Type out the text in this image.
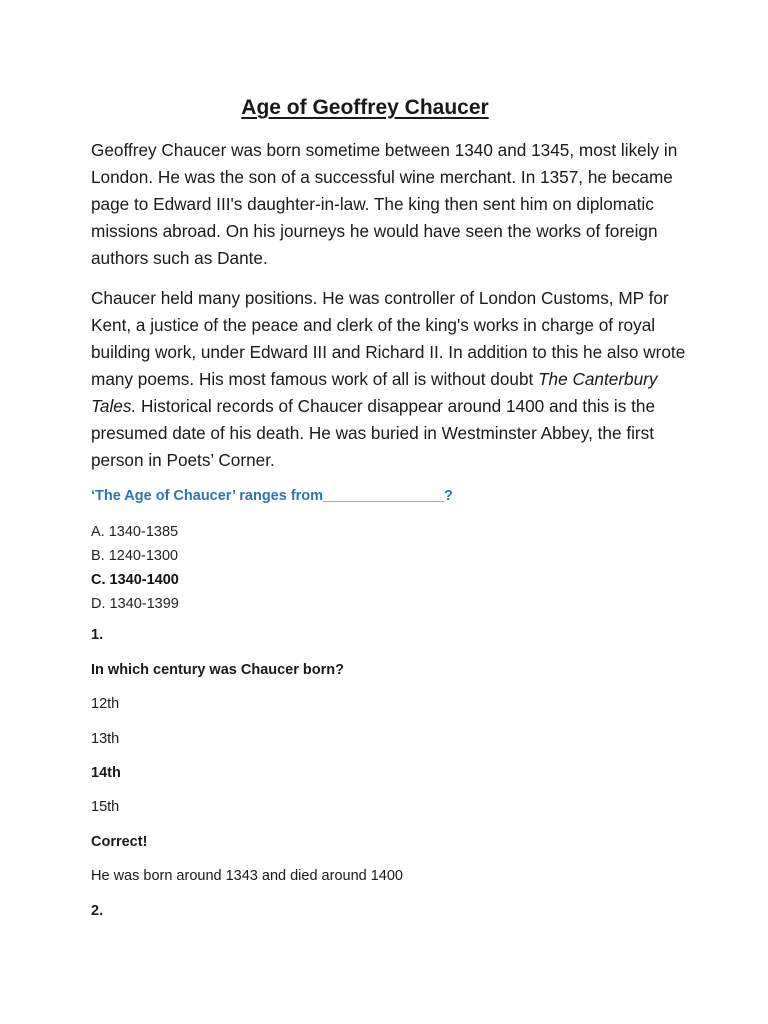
Age of Geoffrey Chaucer

Geoffrey Chaucer was born sometime between 1340 and 1345, most likely in London. He was the son of a successful wine merchant. In 1357, he became page to Edward III's daughter-in-law. The king then sent him on diplomatic missions abroad. On his journeys he would have seen the works of foreign authors such as Dante.

Chaucer held many positions. He was controller of London Customs, MP for Kent, a justice of the peace and clerk of the king's works in charge of royal building work, under Edward III and Richard II. In addition to this he also wrote many poems. His most famous work of all is without doubt The Canterbury Tales. Historical records of Chaucer disappear around 1400 and this is the presumed date of his death. He was buried in Westminster Abbey, the first person in Poets’ Corner.

‘The Age of Chaucer’ ranges from_______________?

A. 1340-1385
B. 1240-1300
C. 1340-1400
D. 1340-1399

1.

In which century was Chaucer born?

12th

13th

14th

15th

Correct!

He was born around 1343 and died around 1400

2.
